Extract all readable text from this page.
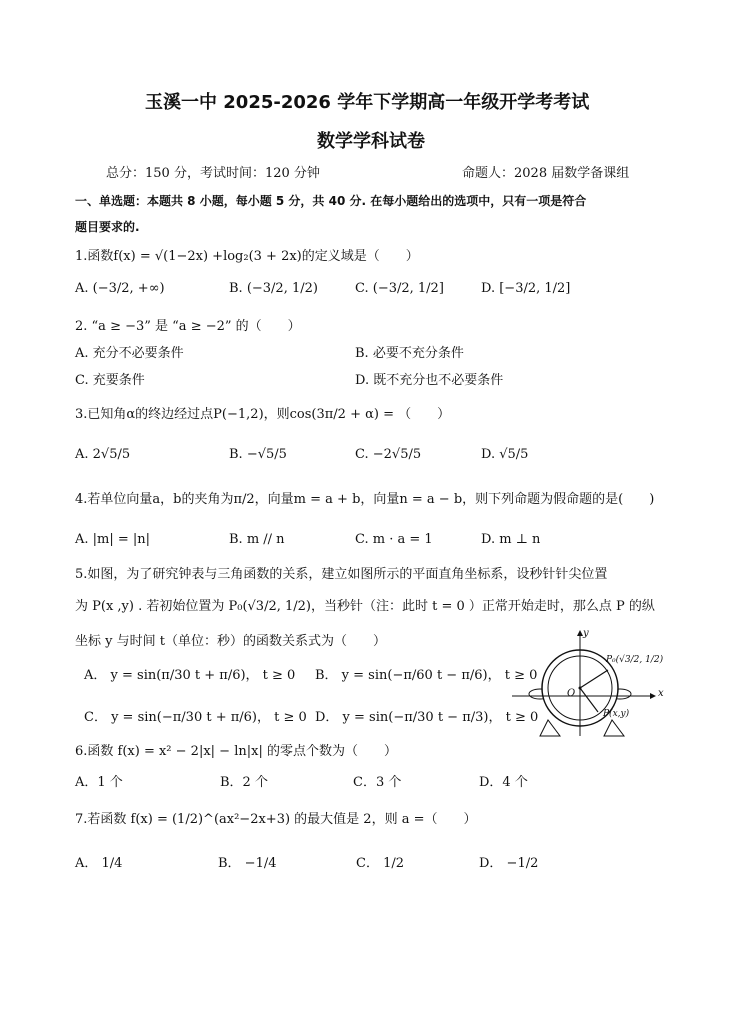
玉溪一中 2025-2026 学年下学期高一年级开学考考试
数学学科试卷
总分：150 分，考试时间：120 分钟	命题人：2028 届数学备课组
一、单选题：本题共 8 小题，每小题 5 分，共 40 分. 在每小题给出的选项中，只有一项是符合
题目要求的.
1.函数f(x) = √(1−2x) +log₂(3 + 2x)的定义域是（　　）
A. (−3/2, +∞)	B. (−3/2, 1/2)	C. (−3/2, 1/2]	D. [−3/2, 1/2]
2. “a ≥ −3” 是 “a ≥ −2” 的（　　）
A. 充分不必要条件	B. 必要不充分条件
C. 充要条件	D. 既不充分也不必要条件
3.已知角α的终边经过点P(−1,2)，则cos(3π/2 + α) = （　　）
A. 2√5/5	B. −√5/5	C. −2√5/5	D. √5/5
4.若单位向量a，b的夹角为π/2，向量m = a + b，向量n = a − b，则下列命题为假命题的是(　　)
A. |m| = |n|	B. m // n	C. m · a = 1	D. m ⊥ n
5.如图，为了研究钟表与三角函数的关系，建立如图所示的平面直角坐标系，设秒针针尖位置
为 P(x ,y) . 若初始位置为 P₀(√3/2, 1/2)，当秒针（注：此时 t = 0 ）正常开始走时，那么点 P 的纵
坐标 y 与时间 t（单位：秒）的函数关系式为（　　）
A． y = sin(π/30 t + π/6)， t ≥ 0 B． y = sin(−π/60 t − π/6)， t ≥ 0
C． y = sin(−π/30 t + π/6)， t ≥ 0 D． y = sin(−π/30 t − π/3)， t ≥ 0
y
x
O
P₀(√3/2, 1/2)
P(x,y)
6.函数 f(x) = x² − 2|x| − ln|x| 的零点个数为（　　）
A．1 个	B．2 个	C．3 个	D．4 个
7.若函数 f(x) = (1/2)^(ax²−2x+3) 的最大值是 2，则 a =（　　）
A． 1/4	B． −1/4	C． 1/2	D． −1/2
